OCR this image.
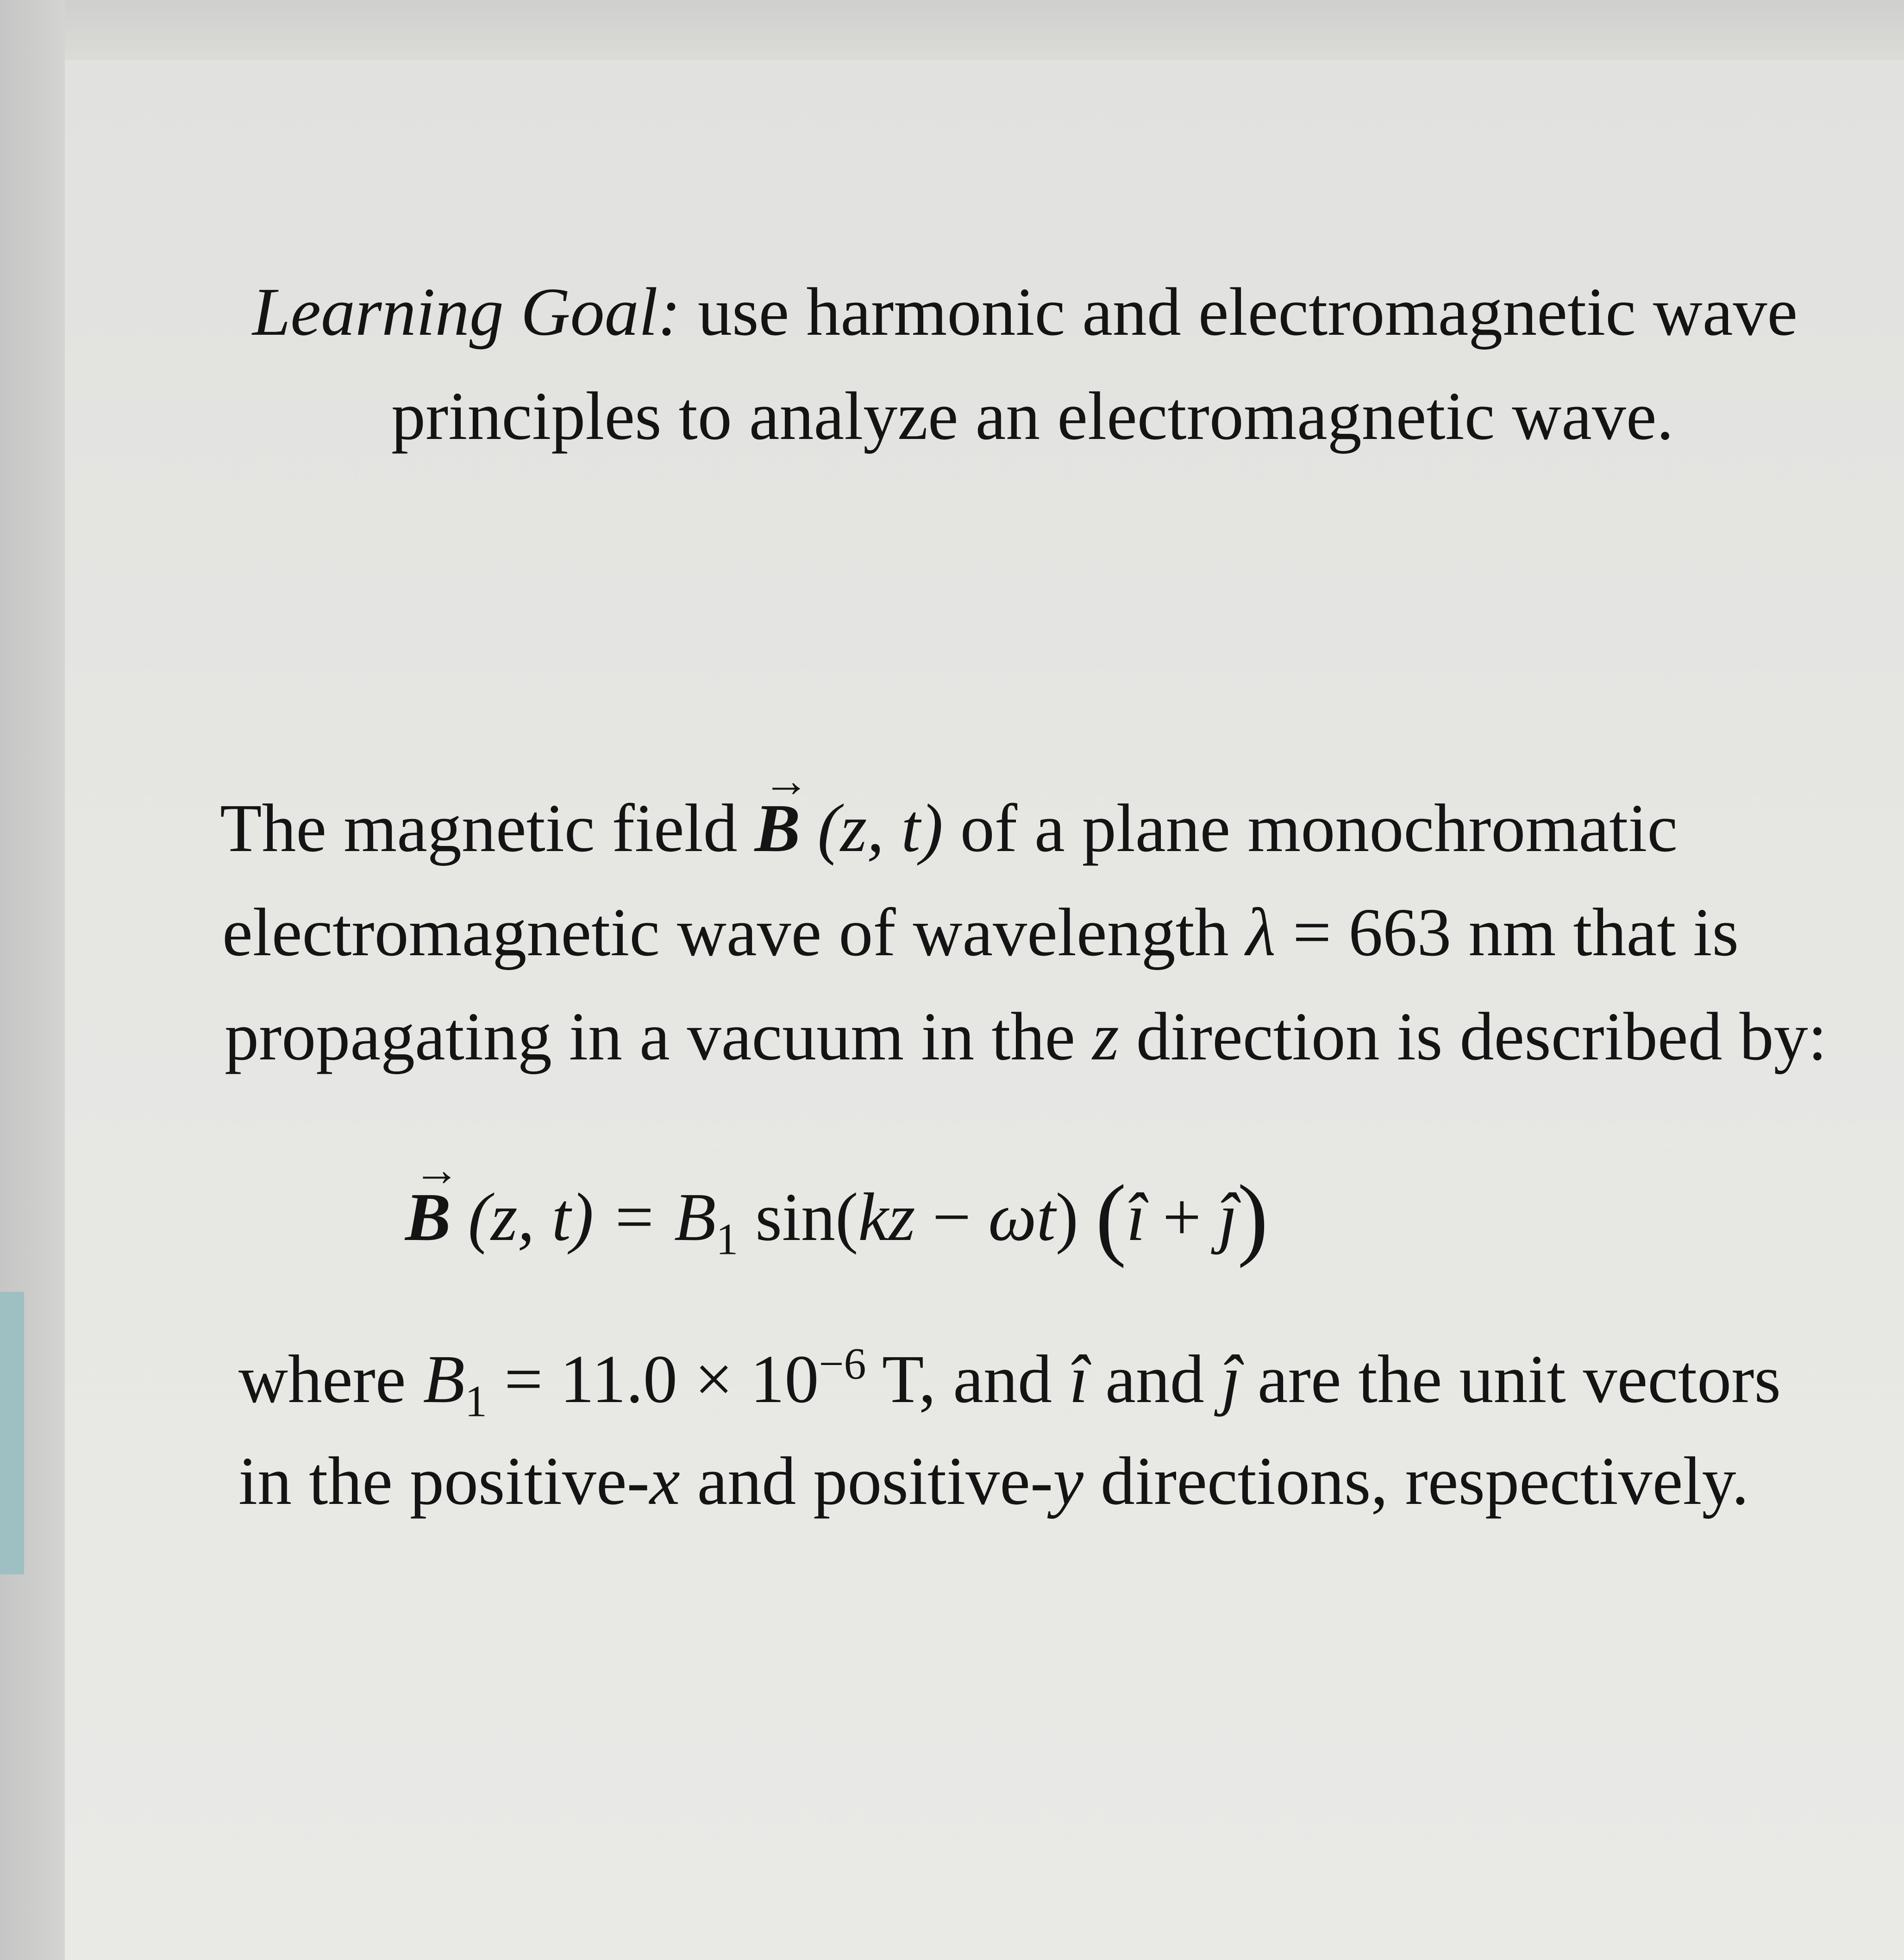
Learning Goal: use harmonic and electromagnetic wave
principles to analyze an electromagnetic wave.
The magnetic field
→
B (z, t) of a plane monochromatic
electromagnetic wave of wavelength λ = 663 nm that is
propagating in a vacuum in the z direction is described by:
→
B (z, $t) = B_1$ sin(kz − ωt) (î + ĵ)
where $B_1 = 11.0 \times 10^{-6}$ T, and î and ĵ are the unit vectors
in the positive-x and positive-y directions, respectively.
